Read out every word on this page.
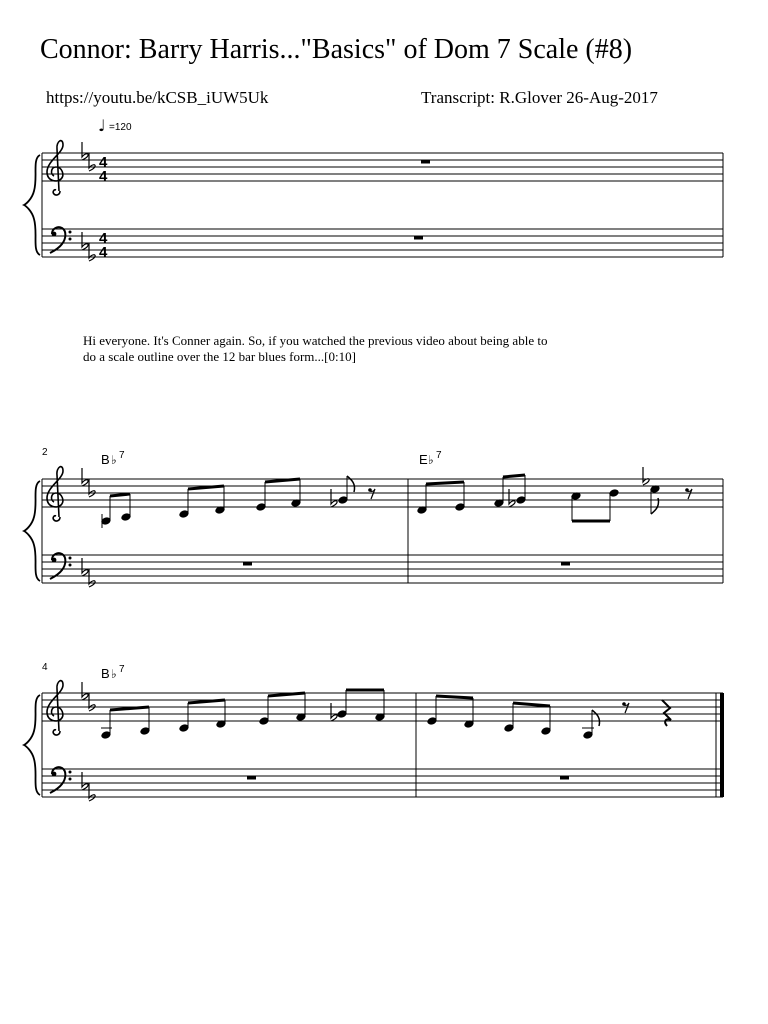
Connor: Barry Harris..."Basics" of Dom 7 Scale (#8)
https://youtu.be/kCSB_iUW5Uk	Transcript: R.Glover 26-Aug-2017
Hi everyone. It's Conner again. So, if you watched the previous video about being able to
do a scale outline over the 12 bar blues form...[0:10]
♩ =120
4
4
4
4
2	B ♭ 7	E ♭ 7
4	B ♭ 7
